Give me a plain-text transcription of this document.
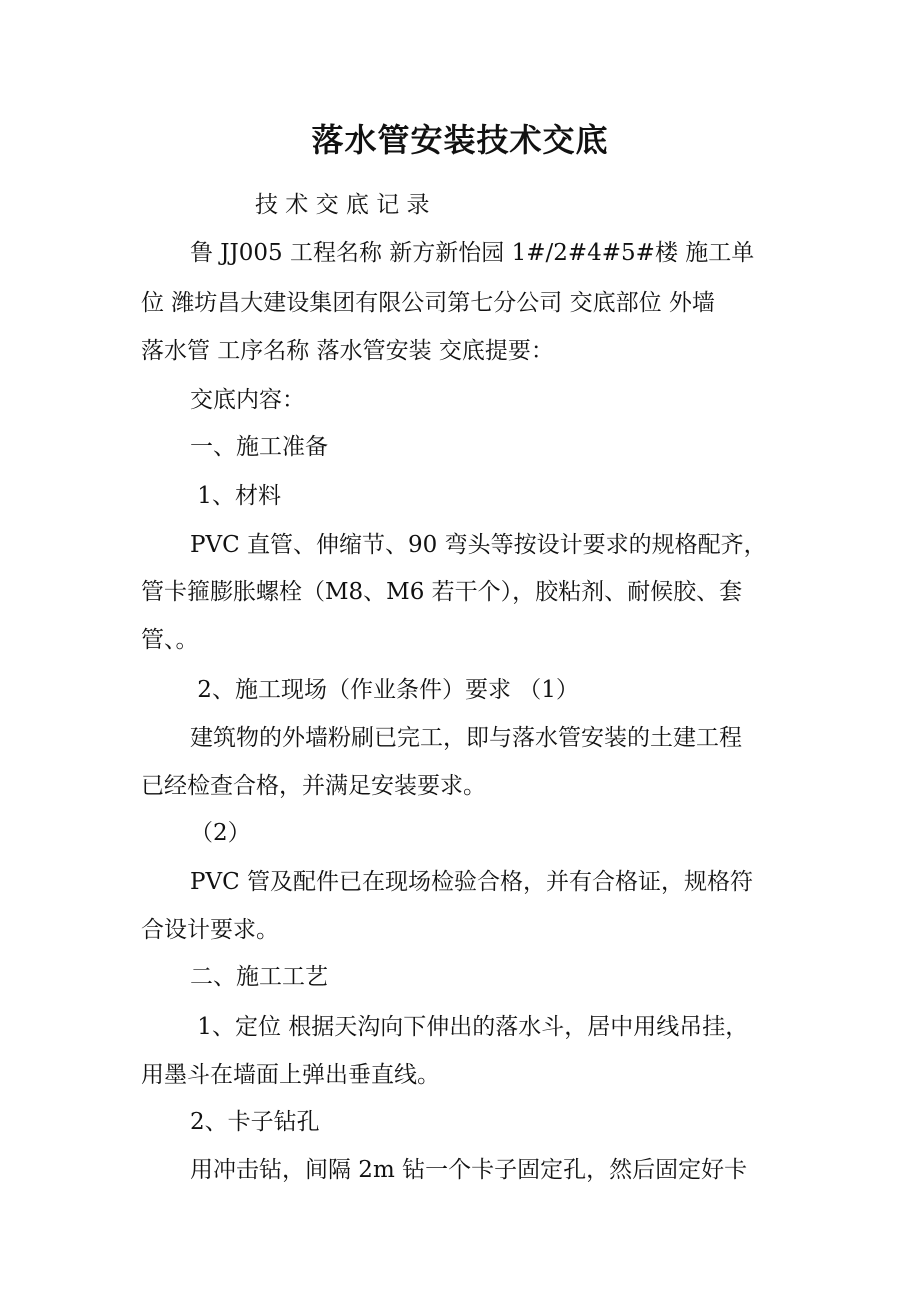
落水管安装技术交底

技 术 交 底 记 录

鲁 JJ005 工程名称 新方新怡园 1#/2#4#5#楼 施工单

位 潍坊昌大建设集团有限公司第七分公司 交底部位 外墙

落水管 工序名称 落水管安装 交底提要：

交底内容：

一、施工准备

1、材料

PVC 直管、伸缩节、90 弯头等按设计要求的规格配齐，

管卡箍膨胀螺栓（M8、M6 若干个），胶粘剂、耐候胶、套

管、。

2、施工现场（作业条件）要求 （1）

建筑物的外墙粉刷已完工，即与落水管安装的土建工程

已经检查合格，并满足安装要求。

（2）

PVC 管及配件已在现场检验合格，并有合格证，规格符

合设计要求。

二、施工工艺

1、定位 根据天沟向下伸出的落水斗，居中用线吊挂，

用墨斗在墙面上弹出垂直线。

2、卡子钻孔

用冲击钻，间隔 2m 钻一个卡子固定孔，然后固定好卡
